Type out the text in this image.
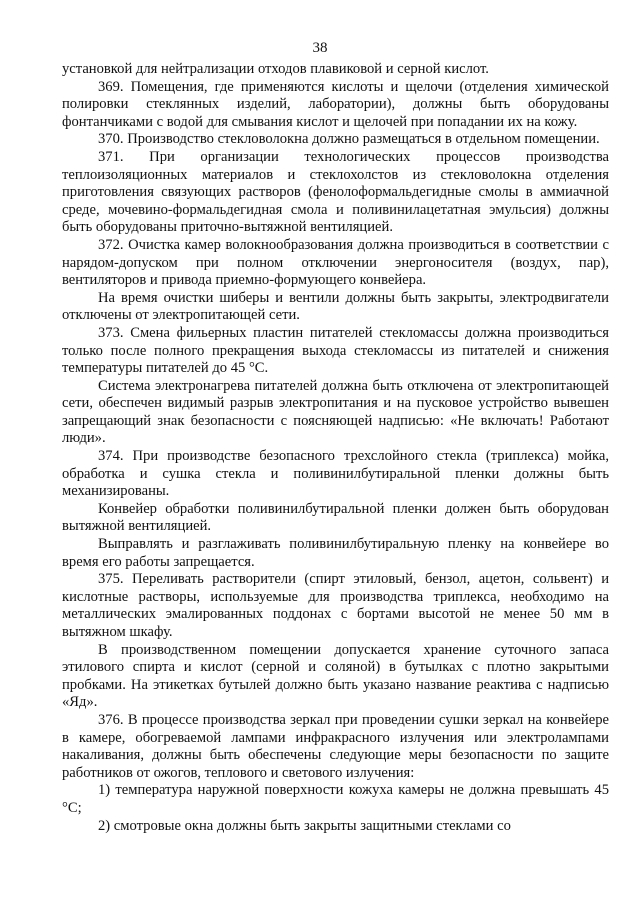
38

установкой для нейтрализации отходов плавиковой и серной кислот.

369. Помещения, где применяются кислоты и щелочи (отделения химической полировки стеклянных изделий, лаборатории), должны быть оборудованы фонтанчиками с водой для смывания кислот и щелочей при попадании их на кожу.

370. Производство стекловолокна должно размещаться в отдельном помещении.

371. При организации технологических процессов производства теплоизоляционных материалов и стеклохолстов из стекловолокна отделения приготовления связующих растворов (фенолоформальдегидные смолы в аммиачной среде, мочевино-формальдегидная смола и поливинилацетатная эмульсия) должны быть оборудованы приточно-вытяжной вентиляцией.

372. Очистка камер волокнообразования должна производиться в соответствии с нарядом-допуском при полном отключении энергоносителя (воздух, пар), вентиляторов и привода приемно-формующего конвейера.

На время очистки шиберы и вентили должны быть закрыты, электродвигатели отключены от электропитающей сети.

373. Смена фильерных пластин питателей стекломассы должна производиться только после полного прекращения выхода стекломассы из питателей и снижения температуры питателей до 45 °С.

Система электронагрева питателей должна быть отключена от электропитающей сети, обеспечен видимый разрыв электропитания и на пусковое устройство вывешен запрещающий знак безопасности с поясняющей надписью: «Не включать! Работают люди».

374. При производстве безопасного трехслойного стекла (триплекса) мойка, обработка и сушка стекла и поливинилбутиральной пленки должны быть механизированы.

Конвейер обработки поливинилбутиральной пленки должен быть оборудован вытяжной вентиляцией.

Выправлять и разглаживать поливинилбутиральную пленку на конвейере во время его работы запрещается.

375. Переливать растворители (спирт этиловый, бензол, ацетон, сольвент) и кислотные растворы, используемые для производства триплекса, необходимо на металлических эмалированных поддонах с бортами высотой не менее 50 мм в вытяжном шкафу.

В производственном помещении допускается хранение суточного запаса этилового спирта и кислот (серной и соляной) в бутылках с плотно закрытыми пробками. На этикетках бутылей должно быть указано название реактива с надписью «Яд».

376. В процессе производства зеркал при проведении сушки зеркал на конвейере в камере, обогреваемой лампами инфракрасного излучения или электролампами накаливания, должны быть обеспечены следующие меры безопасности по защите работников от ожогов, теплового и светового излучения:

1) температура наружной поверхности кожуха камеры не должна превышать 45 °С;

2) смотровые окна должны быть закрыты защитными стеклами со
